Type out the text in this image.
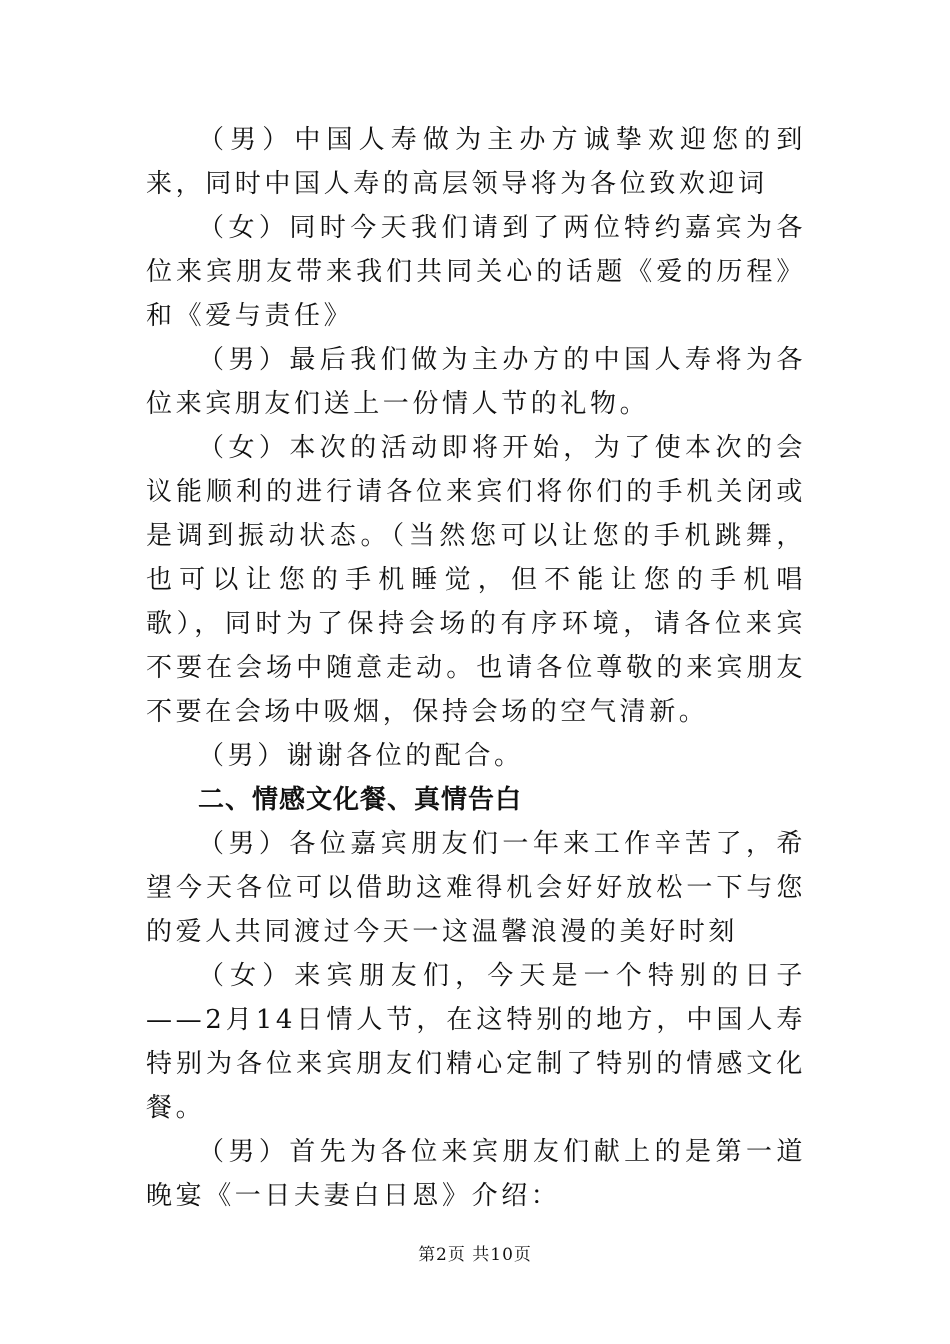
（男）中国人寿做为主办方诚挚欢迎您的到来，同时中国人寿的高层领导将为各位致欢迎词

（女）同时今天我们请到了两位特约嘉宾为各位来宾朋友带来我们共同关心的话题《爱的历程》和《爱与责任》

（男）最后我们做为主办方的中国人寿将为各位来宾朋友们送上一份情人节的礼物。

（女）本次的活动即将开始，为了使本次的会议能顺利的进行请各位来宾们将你们的手机关闭或是调到振动状态。（当然您可以让您的手机跳舞，也可以让您的手机睡觉，但不能让您的手机唱歌），同时为了保持会场的有序环境，请各位来宾不要在会场中随意走动。也请各位尊敬的来宾朋友不要在会场中吸烟，保持会场的空气清新。

（男）谢谢各位的配合。

二、情感文化餐、真情告白

（男）各位嘉宾朋友们一年来工作辛苦了，希望今天各位可以借助这难得机会好好放松一下与您的爱人共同渡过今天一这温馨浪漫的美好时刻

（女）来宾朋友们，今天是一个特别的日子——2月14日情人节，在这特别的地方，中国人寿特别为各位来宾朋友们精心定制了特别的情感文化餐。

（男）首先为各位来宾朋友们献上的是第一道晚宴《一日夫妻白日恩》介绍：

第2页 共10页
